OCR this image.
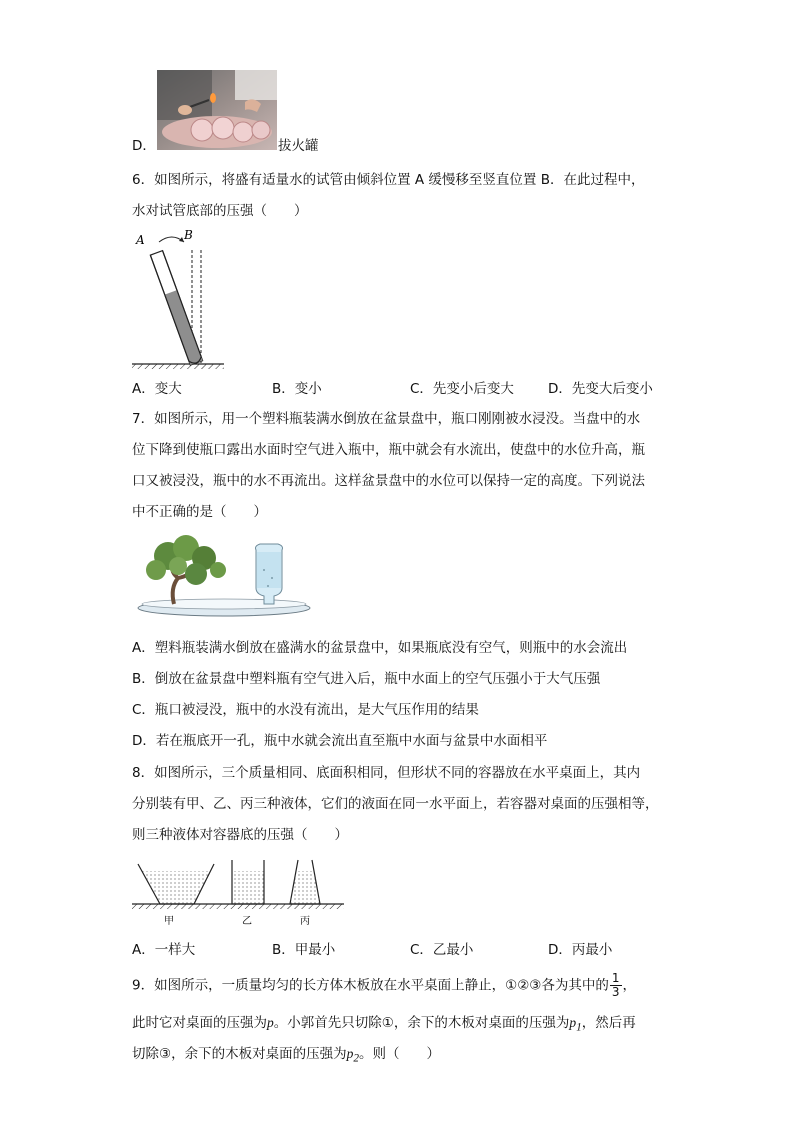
D．	拔火罐
6．如图所示，将盛有适量水的试管由倾斜位置 A 缓慢移至竖直位置 B．在此过程中，
水对试管底部的压强（　　）
A	B
A．变大	B．变小	C．先变小后变大	D．先变大后变小
7．如图所示，用一个塑料瓶装满水倒放在盆景盘中，瓶口刚刚被水浸没。当盘中的水
位下降到使瓶口露出水面时空气进入瓶中，瓶中就会有水流出，使盘中的水位升高，瓶
口又被浸没，瓶中的水不再流出。这样盆景盘中的水位可以保持一定的高度。下列说法
中不正确的是（　　）
A．塑料瓶装满水倒放在盛满水的盆景盘中，如果瓶底没有空气，则瓶中的水会流出
B．倒放在盆景盘中塑料瓶有空气进入后，瓶中水面上的空气压强小于大气压强
C．瓶口被浸没，瓶中的水没有流出，是大气压作用的结果
D．若在瓶底开一孔，瓶中水就会流出直至瓶中水面与盆景中水面相平
8．如图所示，三个质量相同、底面积相同，但形状不同的容器放在水平桌面上，其内
分别装有甲、乙、丙三种液体，它们的液面在同一水平面上，若容器对桌面的压强相等，
则三种液体对容器底的压强（　　）
甲	乙	丙
A．一样大	B．甲最小	C．乙最小	D．丙最小
9．如图所示，一质量均匀的长方体木板放在水平桌面上静止，①②③各为其中的 $\frac{1}{3}$ ，
此时它对桌面的压强为p。小郭首先只切除①，余下的木板对桌面的压强为$p_1$，然后再
切除③，余下的木板对桌面的压强为$p_2$。则（　　）
